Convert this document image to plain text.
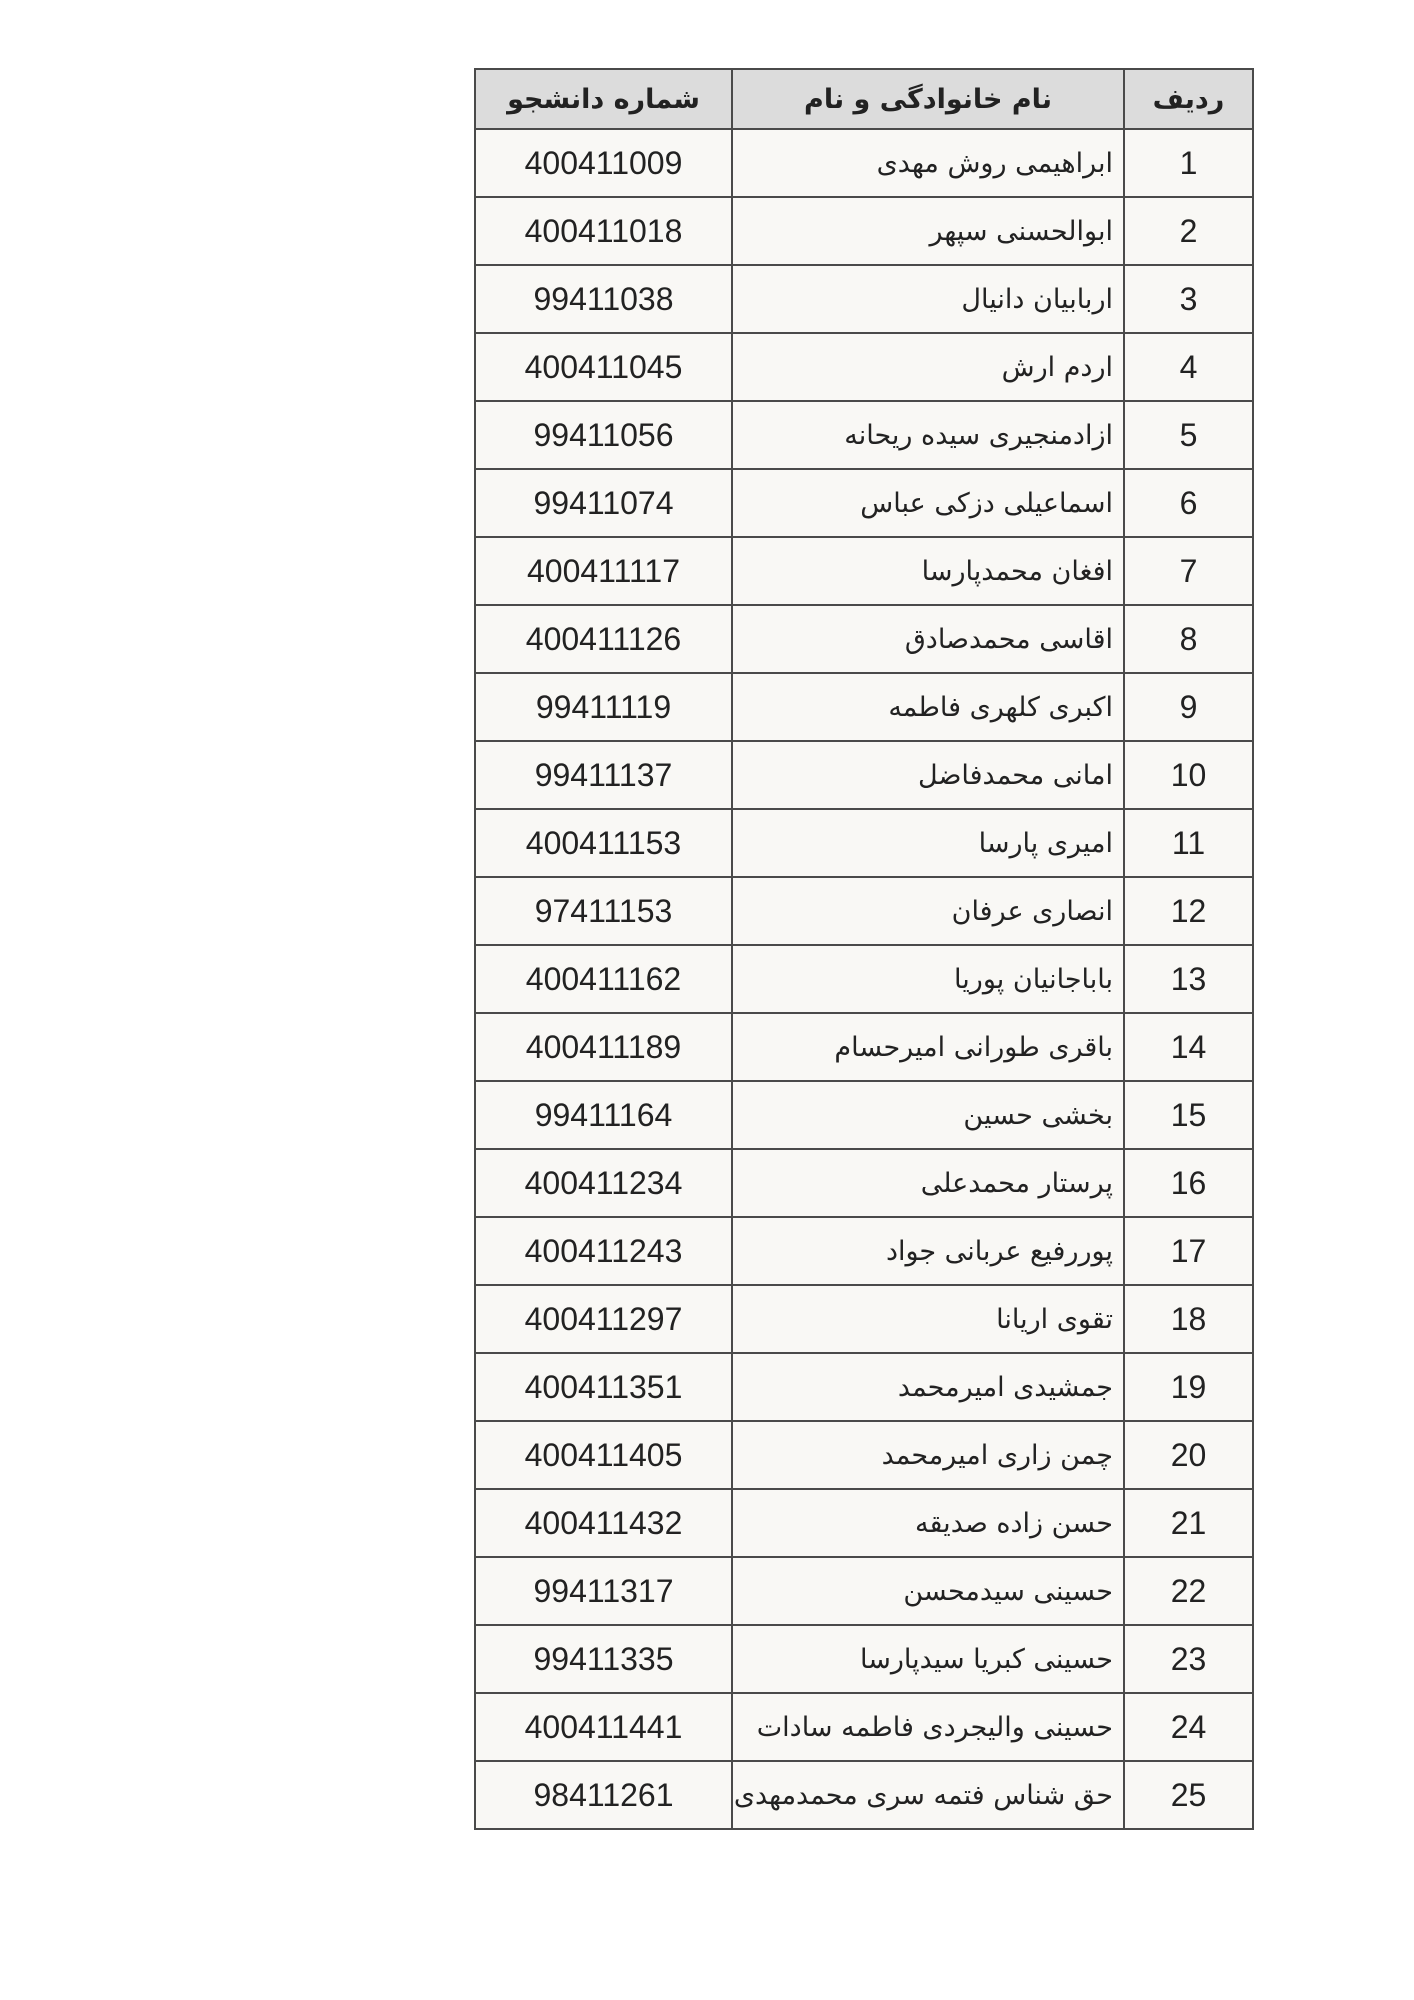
ردیف	نام خانوادگی و نام	شماره دانشجو
1	ابراهیمی روش مهدی	400411009
2	ابوالحسنی سپهر	400411018
3	اربابیان دانیال	99411038
4	اردم ارش	400411045
5	ازادمنجیری سیده ریحانه	99411056
6	اسماعیلی دزکی عباس	99411074
7	افغان محمدپارسا	400411117
8	اقاسی محمدصادق	400411126
9	اکبری کلهری فاطمه	99411119
10	امانی محمدفاضل	99411137
11	امیری پارسا	400411153
12	انصاری عرفان	97411153
13	باباجانیان پوریا	400411162
14	باقری طورانی امیرحسام	400411189
15	بخشی حسین	99411164
16	پرستار محمدعلی	400411234
17	پوررفیع عربانی جواد	400411243
18	تقوی اریانا	400411297
19	جمشیدی امیرمحمد	400411351
20	چمن زاری امیرمحمد	400411405
21	حسن زاده صدیقه	400411432
22	حسینی سیدمحسن	99411317
23	حسینی کبریا سیدپارسا	99411335
24	حسینی والیجردی فاطمه سادات	400411441
25	حق شناس فتمه سری محمدمهدی	98411261
